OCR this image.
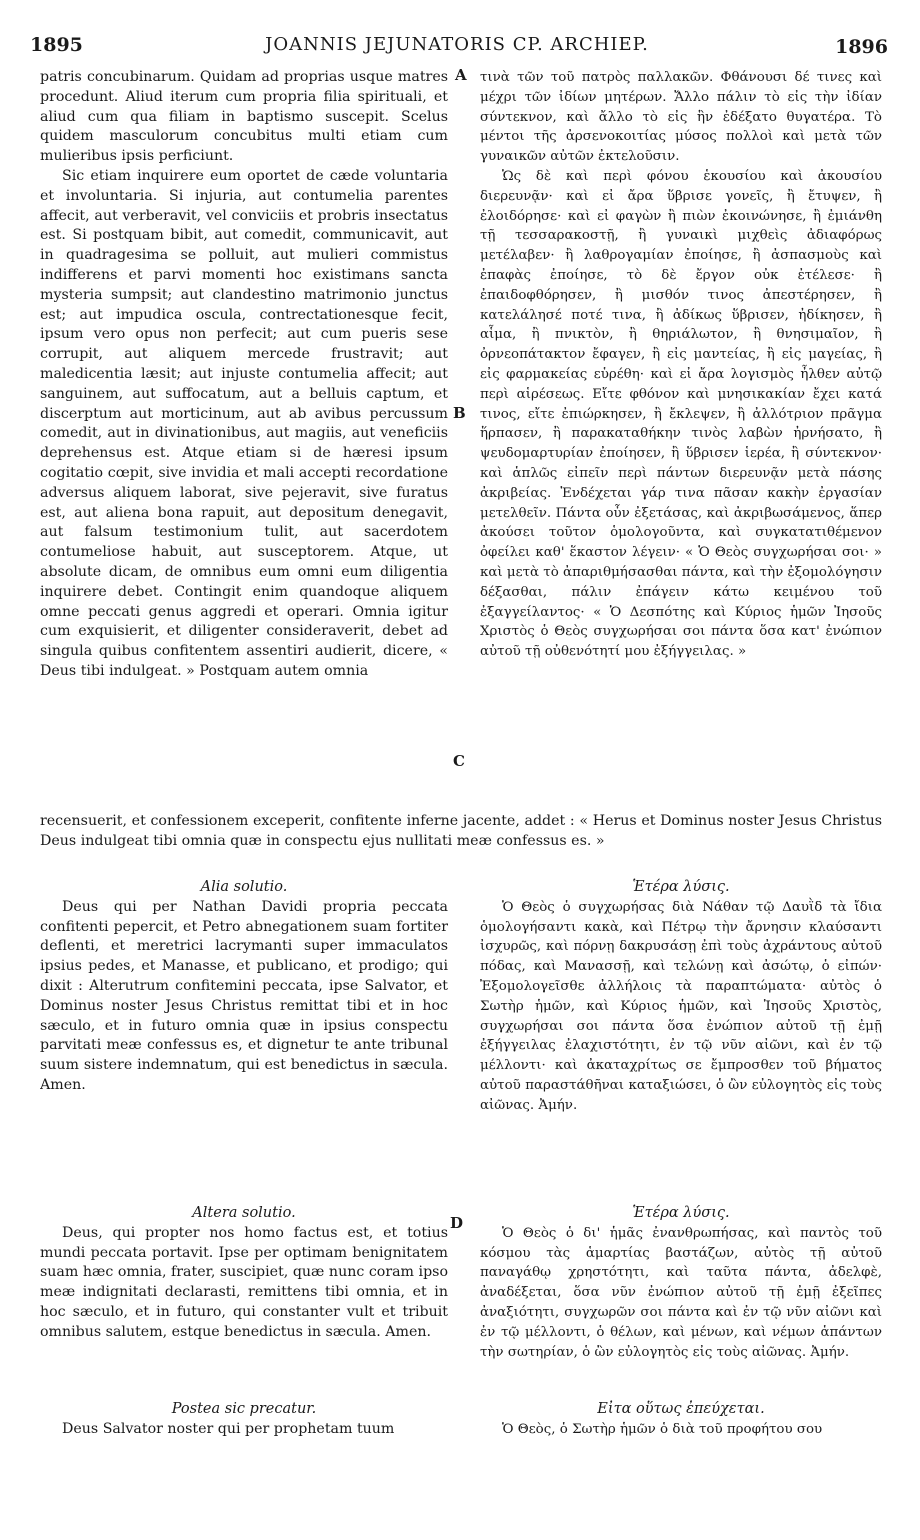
1895	JOANNIS JEJUNATORIS CP. ARCHIEP.	1896
A
B
C
D

patris concubinarum. Quidam ad proprias usque matres procedunt. Aliud iterum cum propria filia spirituali, et aliud cum qua filiam in baptismo suscepit. Scelus quidem masculorum concubitus multi etiam cum mulieribus ipsis perficiunt.

Sic etiam inquirere eum oportet de cæde voluntaria et involuntaria. Si injuria, aut contumelia parentes affecit, aut verberavit, vel conviciis et probris insectatus est. Si postquam bibit, aut comedit, communicavit, aut in quadragesima se polluit, aut mulieri commistus indifferens et parvi momenti hoc existimans sancta mysteria sumpsit; aut clandestino matrimonio junctus est; aut impudica oscula, contrectationesque fecit, ipsum vero opus non perfecit; aut cum pueris sese corrupit, aut aliquem mercede frustravit; aut maledicentia læsit; aut injuste contumelia affecit; aut sanguinem, aut suffocatum, aut a belluis captum, et discerptum aut morticinum, aut ab avibus percussum comedit, aut in divinationibus, aut magiis, aut veneficiis deprehensus est. Atque etiam si de hæresi ipsum cogitatio cœpit, sive invidia et mali accepti recordatione adversus aliquem laborat, sive pejeravit, sive furatus est, aut aliena bona rapuit, aut depositum denegavit, aut falsum testimonium tulit, aut sacerdotem contumeliose habuit, aut susceptorem. Atque, ut absolute dicam, de omnibus eum omni eum diligentia inquirere debet. Contingit enim quandoque aliquem omne peccati genus aggredi et operari. Omnia igitur cum exquisierit, et diligenter consideraverit, debet ad singula quibus confitentem assentiri audierit, dicere, « Deus tibi indulgeat. » Postquam autem omnia

τινὰ τῶν τοῦ πατρὸς παλλακῶν. Φθάνουσι δέ τινες καὶ μέχρι τῶν ἰδίων μητέρων. Ἄλλο πάλιν τὸ εἰς τὴν ἰδίαν σύντεκνον, καὶ ἄλλο τὸ εἰς ἣν ἐδέξατο θυγατέρα. Τὸ μέντοι τῆς ἀρσενοκοιτίας μύσος πολλοὶ καὶ μετὰ τῶν γυναικῶν αὐτῶν ἐκτελοῦσιν.

Ὡς δὲ καὶ περὶ φόνου ἑκουσίου καὶ ἀκουσίου διερευνᾷν· καὶ εἰ ἄρα ὕβρισε γονεῖς, ἢ ἔτυψεν, ἢ ἐλοιδόρησε· καὶ εἰ φαγὼν ἢ πιὼν ἐκοινώνησε, ἢ ἐμιάνθη τῇ τεσσαρακοστῇ, ἢ γυναικὶ μιχθεὶς ἀδιαφόρως μετέλαβεν· ἢ λαθρογαμίαν ἐποίησε, ἢ ἀσπασμοὺς καὶ ἐπαφὰς ἐποίησε, τὸ δὲ ἔργον οὐκ ἐτέλεσε· ἢ ἐπαιδοφθόρησεν, ἢ μισθόν τινος ἀπεστέρησεν, ἢ κατελάλησέ ποτέ τινα, ἢ ἀδίκως ὕβρισεν, ἠδίκησεν, ἢ αἷμα, ἢ πνικτὸν, ἢ θηριάλωτον, ἢ θνησιμαῖον, ἢ ὀρνεοπάτακτον ἔφαγεν, ἢ εἰς μαντείας, ἢ εἰς μαγείας, ἢ εἰς φαρμακείας εὑρέθη· καὶ εἰ ἄρα λογισμὸς ἦλθεν αὐτῷ περὶ αἱρέσεως. Εἴτε φθόνον καὶ μνησικακίαν ἔχει κατά τινος, εἴτε ἐπιώρκησεν, ἢ ἔκλεψεν, ἢ ἀλλότριον πρᾶγμα ἥρπασεν, ἢ παρακαταθήκην τινὸς λαβὼν ἠρνήσατο, ἢ ψευδομαρτυρίαν ἐποίησεν, ἢ ὕβρισεν ἱερέα, ἢ σύντεκνον· καὶ ἁπλῶς εἰπεῖν περὶ πάντων διερευνᾷν μετὰ πάσης ἀκριβείας. Ἐνδέχεται γάρ τινα πᾶσαν κακὴν ἐργασίαν μετελθεῖν. Πάντα οὖν ἐξετάσας, καὶ ἀκριβωσάμενος, ἅπερ ἀκούσει τοῦτον ὁμολογοῦντα, καὶ συγκατατιθέμενον ὀφείλει καθ' ἕκαστον λέγειν· « Ὁ Θεὸς συγχωρήσαι σοι· » καὶ μετὰ τὸ ἀπαριθμήσασθαι πάντα, καὶ τὴν ἐξομολόγησιν δέξασθαι, πάλιν ἐπάγειν κάτω κειμένου τοῦ ἐξαγγείλαντος· « Ὁ Δεσπότης καὶ Κύριος ἡμῶν Ἰησοῦς Χριστὸς ὁ Θεὸς συγχωρήσαι σοι πάντα ὅσα κατ' ἐνώπιον αὐτοῦ τῇ οὐθενότητί μου ἐξήγγειλας. »

recensuerit, et confessionem exceperit, confitente inferne jacente, addet : « Herus et Dominus noster Jesus Christus Deus indulgeat tibi omnia quæ in conspectu ejus nullitati meæ confessus es. »

Alia solutio.

Deus qui per Nathan Davidi propria peccata confitenti pepercit, et Petro abnegationem suam fortiter deflenti, et meretrici lacrymanti super immaculatos ipsius pedes, et Manasse, et publicano, et prodigo; qui dixit : Alterutrum confitemini peccata, ipse Salvator, et Dominus noster Jesus Christus remittat tibi et in hoc sæculo, et in futuro omnia quæ in ipsius conspectu parvitati meæ confessus es, et dignetur te ante tribunal suum sistere indemnatum, qui est benedictus in sæcula. Amen.

Ἑτέρα λύσις.

Ὁ Θεὸς ὁ συγχωρήσας διὰ Νάθαν τῷ Δαυῒδ τὰ ἴδια ὁμολογήσαντι κακὰ, καὶ Πέτρῳ τὴν ἄρνησιν κλαύσαντι ἰσχυρῶς, καὶ πόρνῃ δακρυσάσῃ ἐπὶ τοὺς ἀχράντους αὐτοῦ πόδας, καὶ Μανασσῇ, καὶ τελώνῃ καὶ ἀσώτῳ, ὁ εἰπών· Ἐξομολογεῖσθε ἀλλήλοις τὰ παραπτώματα· αὐτὸς ὁ Σωτὴρ ἡμῶν, καὶ Κύριος ἡμῶν, καὶ Ἰησοῦς Χριστὸς, συγχωρήσαι σοι πάντα ὅσα ἐνώπιον αὐτοῦ τῇ ἐμῇ ἐξήγγειλας ἐλαχιστότητι, ἐν τῷ νῦν αἰῶνι, καὶ ἐν τῷ μέλλοντι· καὶ ἀκαταχρίτως σε ἔμπροσθεν τοῦ βήματος αὐτοῦ παραστάθῆναι καταξιώσει, ὁ ὢν εὐλογητὸς εἰς τοὺς αἰῶνας. Ἀμήν.

Altera solutio.

Deus, qui propter nos homo factus est, et totius mundi peccata portavit. Ipse per optimam benignitatem suam hæc omnia, frater, suscipiet, quæ nunc coram ipso meæ indignitati declarasti, remittens tibi omnia, et in hoc sæculo, et in futuro, qui constanter vult et tribuit omnibus salutem, estque benedictus in sæcula. Amen.

Ἑτέρα λύσις.

Ὁ Θεὸς ὁ δι' ἡμᾶς ἐνανθρωπήσας, καὶ παντὸς τοῦ κόσμου τὰς ἁμαρτίας βαστάζων, αὐτὸς τῇ αὐτοῦ παναγάθῳ χρηστότητι, καὶ ταῦτα πάντα, ἀδελφὲ, ἀναδέξεται, ὅσα νῦν ἐνώπιον αὐτοῦ τῇ ἐμῇ ἐξεῖπες ἀναξιότητι, συγχωρῶν σοι πάντα καὶ ἐν τῷ νῦν αἰῶνι καὶ ἐν τῷ μέλλοντι, ὁ θέλων, καὶ μένων, καὶ νέμων ἁπάντων τὴν σωτηρίαν, ὁ ὢν εὐλογητὸς εἰς τοὺς αἰῶνας. Ἀμήν.

Postea sic precatur.

Deus Salvator noster qui per prophetam tuum

Εἶτα οὕτως ἐπεύχεται.

Ὁ Θεὸς, ὁ Σωτὴρ ἡμῶν ὁ διὰ τοῦ προφήτου σου
